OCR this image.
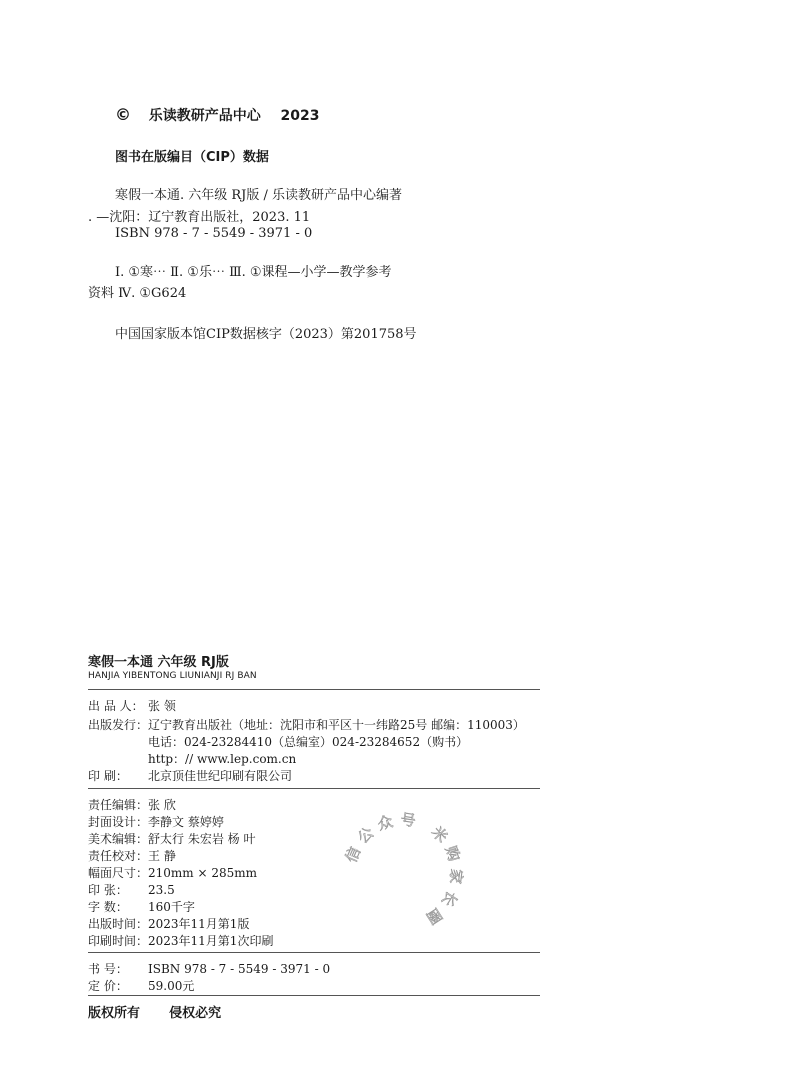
© 乐读教研产品中心 2023
图书在版编目（CIP）数据
寒假一本通. 六年级 RJ版 / 乐读教研产品中心编著
. —沈阳：辽宁教育出版社，2023. 11
ISBN 978 - 7 - 5549 - 3971 - 0
Ⅰ. ①寒⋯ Ⅱ. ①乐⋯ Ⅲ. ①课程—小学—教学参考
资料 Ⅳ. ①G624
中国国家版本馆CIP数据核字（2023）第201758号
寒假一本通 六年级 RJ版
HANJIA YIBENTONG LIUNIANJI RJ BAN
出 品 人： 张 领
出版发行：辽宁教育出版社（地址：沈阳市和平区十一纬路25号 邮编：110003）
电话：024-23284410（总编室）024-23284652（购书）
http：// www.lep.com.cn
印 刷： 北京顶佳世纪印刷有限公司
责任编辑：张 欣
封面设计：李静文 蔡婷婷
美术编辑：舒太行 朱宏岩 杨 叶
责任校对：王 静
幅面尺寸：210mm × 285mm
印 张： 23.5
字 数： 160千字
出版时间：2023年11月第1版
印刷时间：2023年11月第1次印刷
书 号： ISBN 978 - 7 - 5549 - 3971 - 0
定 价： 59.00元
版权所有 侵权必究
信公众号 米购家长圈
